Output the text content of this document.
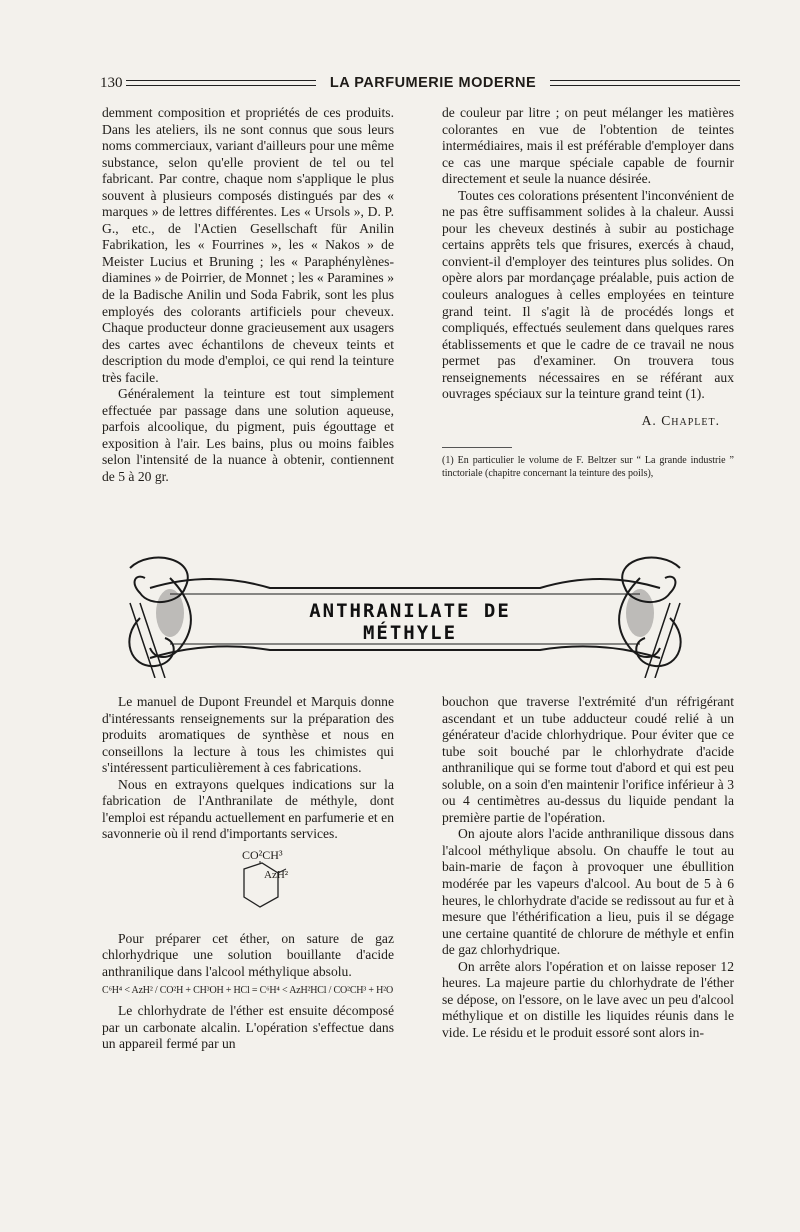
130	LA PARFUMERIE MODERNE

demment composition et propriétés de ces produits. Dans les ateliers, ils ne sont connus que sous leurs noms commerciaux, variant d'ailleurs pour une même substance, selon qu'elle provient de tel ou tel fabricant. Par contre, chaque nom s'applique le plus souvent à plusieurs composés distingués par des « marques » de lettres différentes. Les « Ursols », D. P. G., etc., de l'Actien Gesellschaft für Anilin Fabrikation, les « Fourrines », les « Nakos » de Meister Lucius et Bruning ; les « Paraphénylènes-diamines » de Poirrier, de Monnet ; les « Paramines » de la Badische Anilin und Soda Fabrik, sont les plus employés des colorants artificiels pour cheveux. Chaque producteur donne gracieusement aux usagers des cartes avec échantilons de cheveux teints et description du mode d'emploi, ce qui rend la teinture très facile.

Généralement la teinture est tout simplement effectuée par passage dans une solution aqueuse, parfois alcoolique, du pigment, puis égouttage et exposition à l'air. Les bains, plus ou moins faibles selon l'intensité de la nuance à obtenir, contiennent de 5 à 20 gr.

de couleur par litre ; on peut mélanger les matières colorantes en vue de l'obtention de teintes intermédiaires, mais il est préférable d'employer dans ce cas une marque spéciale capable de fournir directement et seule la nuance désirée.

Toutes ces colorations présentent l'inconvénient de ne pas être suffisamment solides à la chaleur. Aussi pour les cheveux destinés à subir au postichage certains apprêts tels que frisures, exercés à chaud, convient-il d'employer des teintures plus solides. On opère alors par mordançage préalable, puis action de couleurs analogues à celles employées en teinture grand teint. Il s'agit là de procédés longs et compliqués, effectués seulement dans quelques rares établissements et que le cadre de ce travail ne nous permet pas d'examiner. On trouvera tous renseignements nécessaires en se référant aux ouvrages spéciaux sur la teinture grand teint (1).

A. Chaplet.
(1) En particulier le volume de F. Beltzer sur “ La grande industrie ” tinctoriale (chapitre concernant la teinture des poils),
ANTHRANILATE DE MÉTHYLE

Le manuel de Dupont Freundel et Marquis donne d'intéressants renseignements sur la préparation des produits aromatiques de synthèse et nous en conseillons la lecture à tous les chimistes qui s'intéressent particulièrement à ces fabrications.

Nous en extrayons quelques indications sur la fabrication de l'Anthranilate de méthyle, dont l'emploi est répandu actuellement en parfumerie et en savonnerie où il rend d'importants services.

CO²CH³
AzH²

Pour préparer cet éther, on sature de gaz chlorhydrique une solution bouillante d'acide anthranilique dans l'alcool méthylique absolu.

C⁶H⁴ < AzH² / CO²H + CH³OH + HCl = C⁶H⁴ < AzH²HCl / CO²CH³ + H²O

Le chlorhydrate de l'éther est ensuite décomposé par un carbonate alcalin. L'opération s'effectue dans un appareil fermé par un

bouchon que traverse l'extrémité d'un réfrigérant ascendant et un tube adducteur coudé relié à un générateur d'acide chlorhydrique. Pour éviter que ce tube soit bouché par le chlorhydrate d'acide anthranilique qui se forme tout d'abord et qui est peu soluble, on a soin d'en maintenir l'orifice inférieur à 3 ou 4 centimètres au-dessus du liquide pendant la première partie de l'opération.

On ajoute alors l'acide anthranilique dissous dans l'alcool méthylique absolu. On chauffe le tout au bain-marie de façon à provoquer une ébullition modérée par les vapeurs d'alcool. Au bout de 5 à 6 heures, le chlorhydrate d'acide se redissout au fur et à mesure que l'éthérification a lieu, puis il se dégage une certaine quantité de chlorure de méthyle et enfin de gaz chlorhydrique.

On arrête alors l'opération et on laisse reposer 12 heures. La majeure partie du chlorhydrate de l'éther se dépose, on l'essore, on le lave avec un peu d'alcool méthylique et on distille les liquides réunis dans le vide. Le résidu et le produit essoré sont alors in-
